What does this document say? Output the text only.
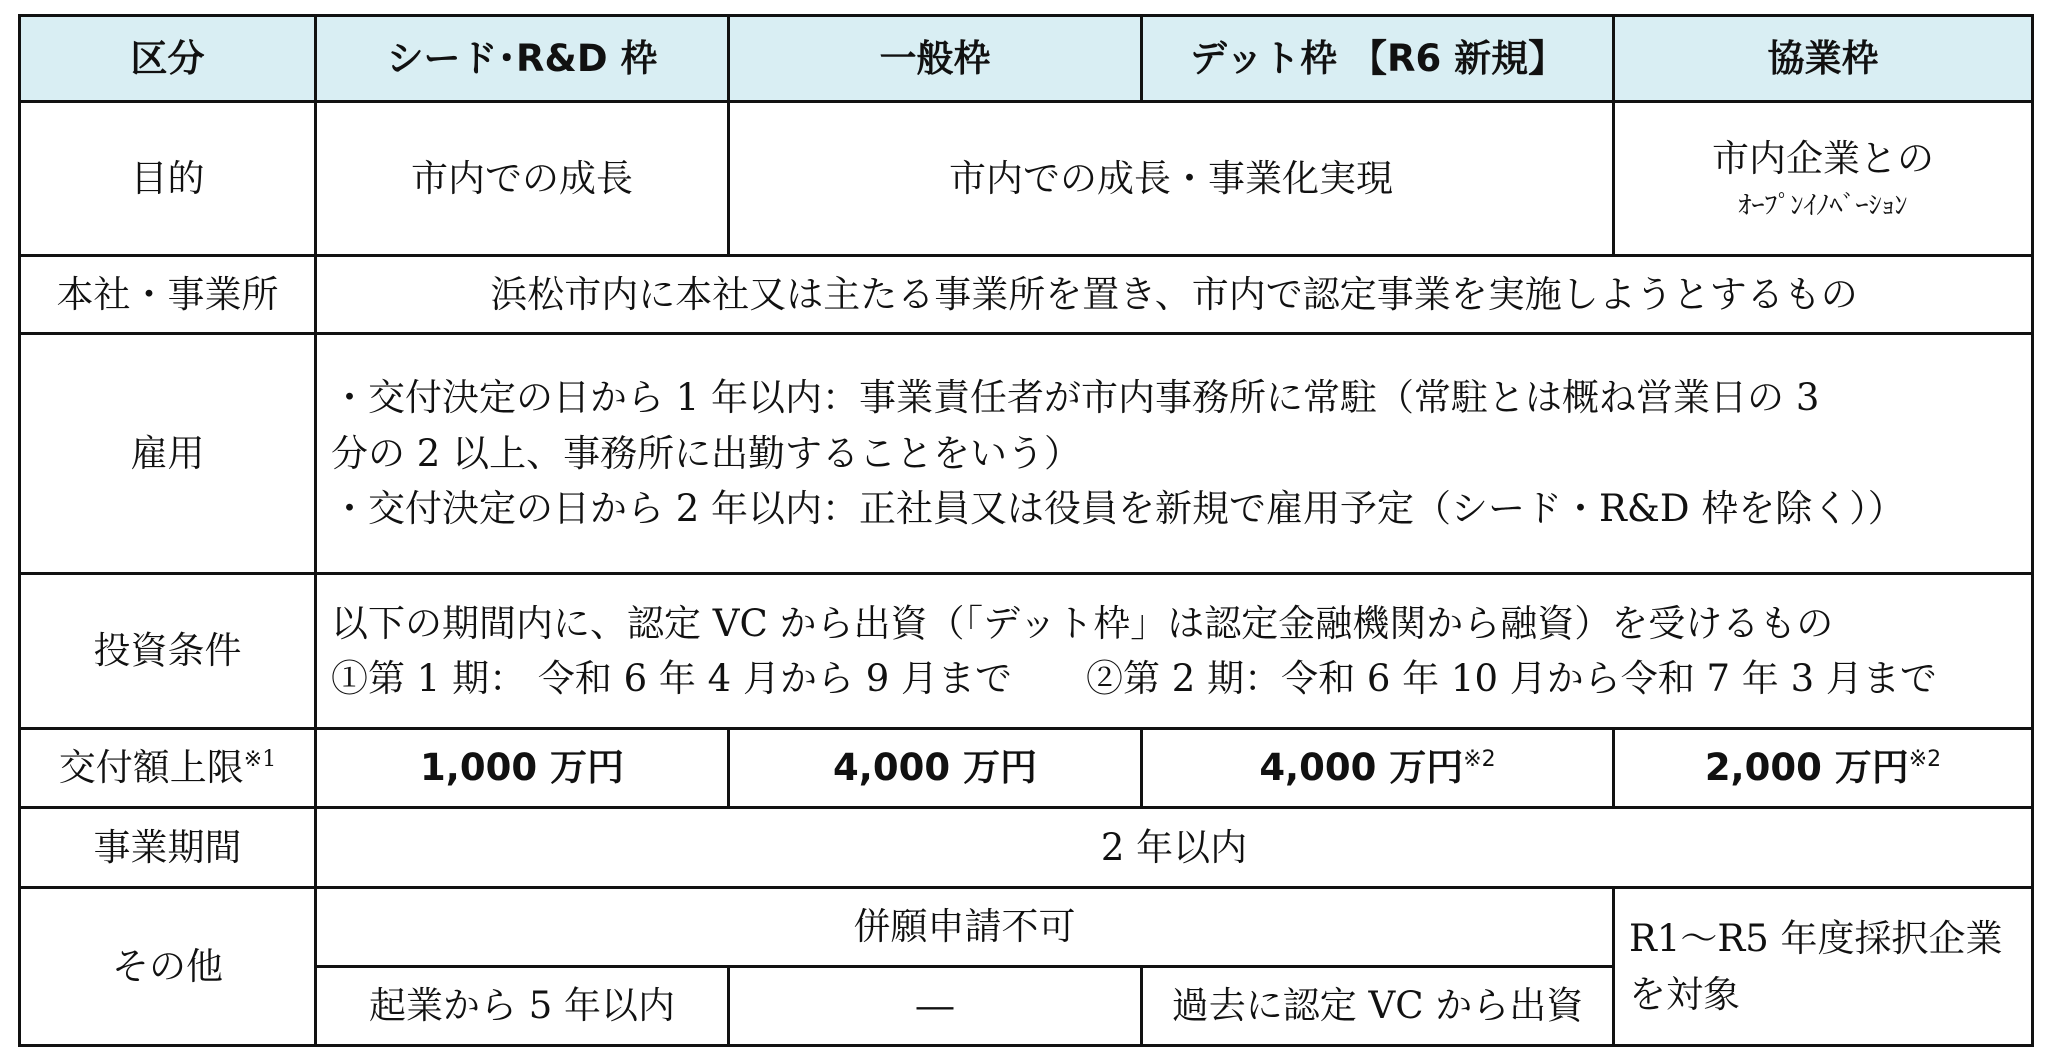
区分	シード･R&D 枠	一般枠	デット枠 【R6 新規】	協業枠
目的	市内での成長	市内での成長・事業化実現		市内企業との
ｵｰﾌﾟﾝｲﾉﾍﾞｰｼｮﾝ

本社・事業所	浜松市内に本社又は主たる事業所を置き、市内で認定事業を実施しようとするもの			
雇用	・交付決定の日から 1 年以内：事業責任者が市内事務所に常駐（常駐とは概ね営業日の 3
分の 2 以上、事務所に出勤することをいう）
・交付決定の日から 2 年以内：正社員又は役員を新規で雇用予定（シード・R&D 枠を除く））			

投資条件	以下の期間内に、認定 VC から出資（「デット枠」は認定金融機関から融資）を受けるもの
①第 1 期： 令和 6 年 4 月から 9 月まで　　②第 2 期：令和 6 年 10 月から令和 7 年 3 月まで			

交付額上限$^{※1}$	1,000 万円	4,000 万円	4,000 万円$^{※2}$	2,000 万円$^{※2}$
事業期間	2 年以内			
その他	併願申請不可			R1～R5 年度採択企業
を対象

	起業から 5 年以内	―	過去に認定 VC から出資	
